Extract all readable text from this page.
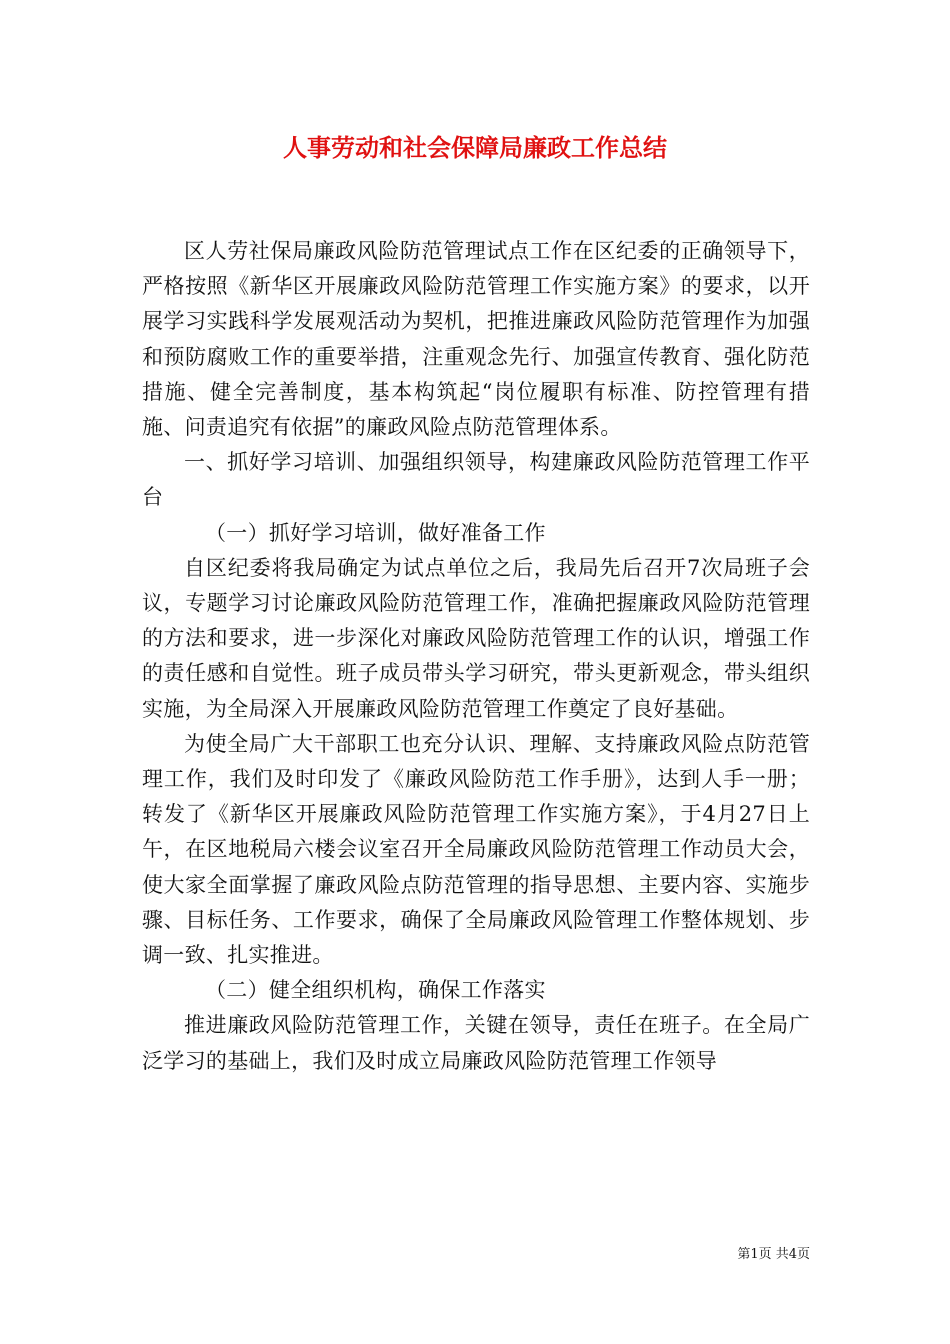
人事劳动和社会保障局廉政工作总结

区人劳社保局廉政风险防范管理试点工作在区纪委的正确领导下，严格按照《新华区开展廉政风险防范管理工作实施方案》的要求，以开展学习实践科学发展观活动为契机，把推进廉政风险防范管理作为加强和预防腐败工作的重要举措，注重观念先行、加强宣传教育、强化防范措施、健全完善制度，基本构筑起“岗位履职有标准、防控管理有措施、问责追究有依据”的廉政风险点防范管理体系。

一、抓好学习培训、加强组织领导，构建廉政风险防范管理工作平台

（一）抓好学习培训，做好准备工作

自区纪委将我局确定为试点单位之后，我局先后召开7次局班子会议，专题学习讨论廉政风险防范管理工作，准确把握廉政风险防范管理的方法和要求，进一步深化对廉政风险防范管理工作的认识，增强工作的责任感和自觉性。班子成员带头学习研究，带头更新观念，带头组织实施，为全局深入开展廉政风险防范管理工作奠定了良好基础。

为使全局广大干部职工也充分认识、理解、支持廉政风险点防范管理工作，我们及时印发了《廉政风险防范工作手册》，达到人手一册；转发了《新华区开展廉政风险防范管理工作实施方案》，于4月27日上午，在区地税局六楼会议室召开全局廉政风险防范管理工作动员大会，使大家全面掌握了廉政风险点防范管理的指导思想、主要内容、实施步骤、目标任务、工作要求，确保了全局廉政风险管理工作整体规划、步调一致、扎实推进。

（二）健全组织机构，确保工作落实

推进廉政风险防范管理工作，关键在领导，责任在班子。在全局广泛学习的基础上，我们及时成立局廉政风险防范管理工作领导

第1页 共4页
